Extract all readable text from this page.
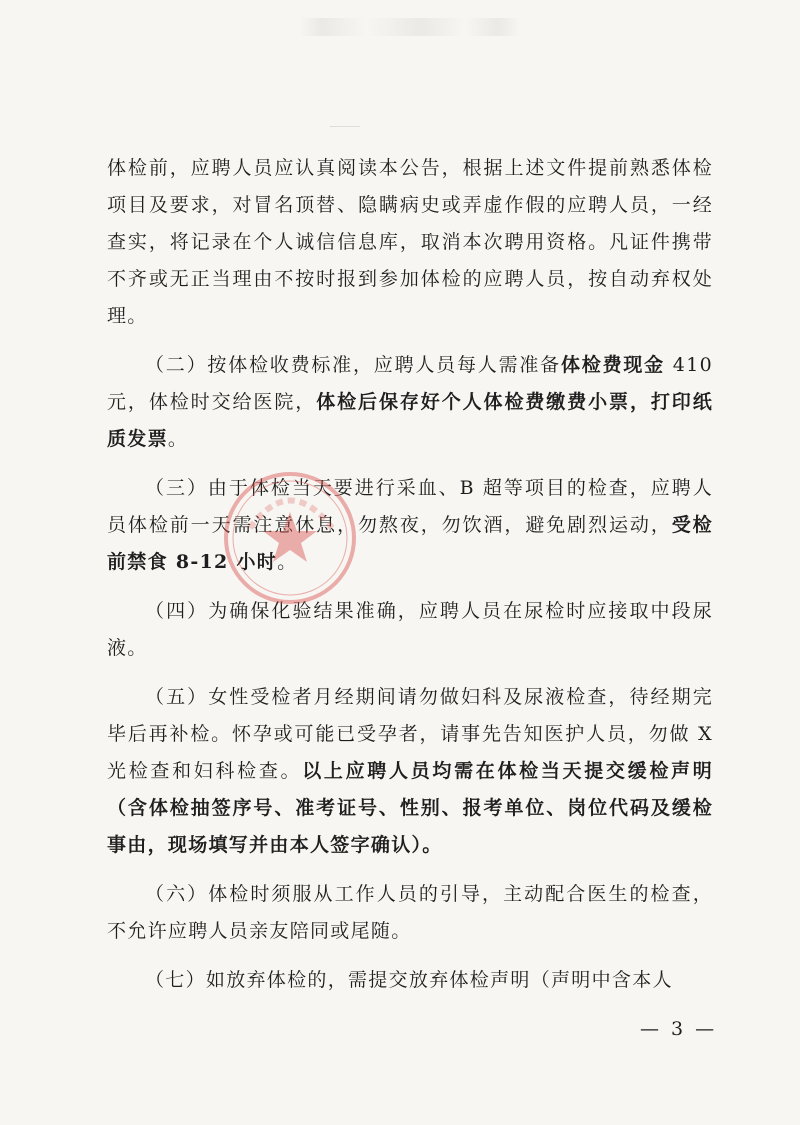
体检前，应聘人员应认真阅读本公告，根据上述文件提前熟悉体检项目及要求，对冒名顶替、隐瞒病史或弄虚作假的应聘人员，一经查实，将记录在个人诚信信息库，取消本次聘用资格。凡证件携带不齐或无正当理由不按时报到参加体检的应聘人员，按自动弃权处理。

（二）按体检收费标准，应聘人员每人需准备体检费现金 410 元，体检时交给医院，体检后保存好个人体检费缴费小票，打印纸质发票。

（三）由于体检当天要进行采血、B 超等项目的检查，应聘人员体检前一天需注意休息，勿熬夜，勿饮酒，避免剧烈运动，受检前禁食 8-12 小时。

（四）为确保化验结果准确，应聘人员在尿检时应接取中段尿液。

（五）女性受检者月经期间请勿做妇科及尿液检查，待经期完毕后再补检。怀孕或可能已受孕者，请事先告知医护人员，勿做 X 光检查和妇科检查。以上应聘人员均需在体检当天提交缓检声明（含体检抽签序号、准考证号、性别、报考单位、岗位代码及缓检事由，现场填写并由本人签字确认）。

（六）体检时须服从工作人员的引导，主动配合医生的检查，不允许应聘人员亲友陪同或尾随。

（七）如放弃体检的，需提交放弃体检声明（声明中含本人

— 3 —
